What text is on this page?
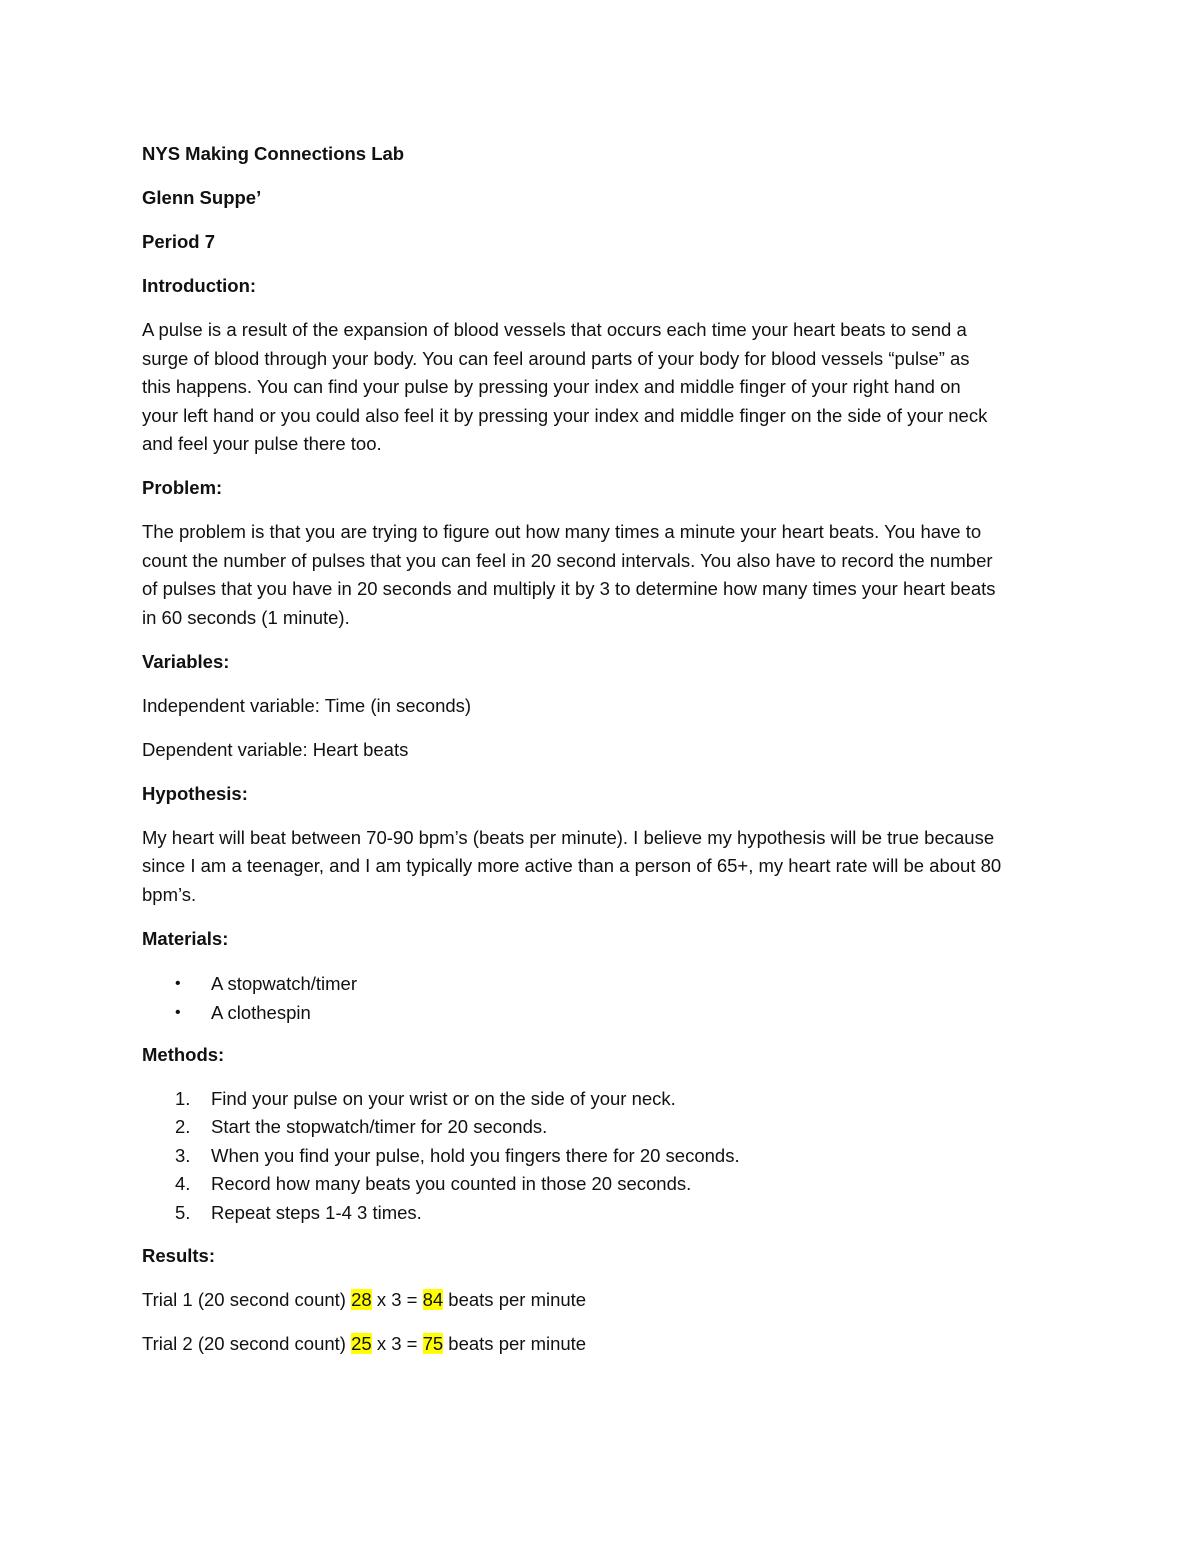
NYS Making Connections Lab
Glenn Suppe’
Period 7
Introduction:
A pulse is a result of the expansion of blood vessels that occurs each time your heart beats to send a
surge of blood through your body. You can feel around parts of your body for blood vessels “pulse” as
this happens. You can find your pulse by pressing your index and middle finger of your right hand on
your left hand or you could also feel it by pressing your index and middle finger on the side of your neck
and feel your pulse there too.
Problem:
The problem is that you are trying to figure out how many times a minute your heart beats. You have to
count the number of pulses that you can feel in 20 second intervals. You also have to record the number
of pulses that you have in 20 seconds and multiply it by 3 to determine how many times your heart beats
in 60 seconds (1 minute).
Variables:
Independent variable: Time (in seconds)
Dependent variable: Heart beats
Hypothesis:
My heart will beat between 70-90 bpm’s (beats per minute). I believe my hypothesis will be true because
since I am a teenager, and I am typically more active than a person of 65+, my heart rate will be about 80
bpm’s.
Materials:
• A stopwatch/timer
• A clothespin
Methods:
1. Find your pulse on your wrist or on the side of your neck.
2. Start the stopwatch/timer for 20 seconds.
3. When you find your pulse, hold you fingers there for 20 seconds.
4. Record how many beats you counted in those 20 seconds.
5. Repeat steps 1-4 3 times.
Results:
Trial 1 (20 second count) 28 x 3 = 84 beats per minute
Trial 2 (20 second count) 25 x 3 = 75 beats per minute
